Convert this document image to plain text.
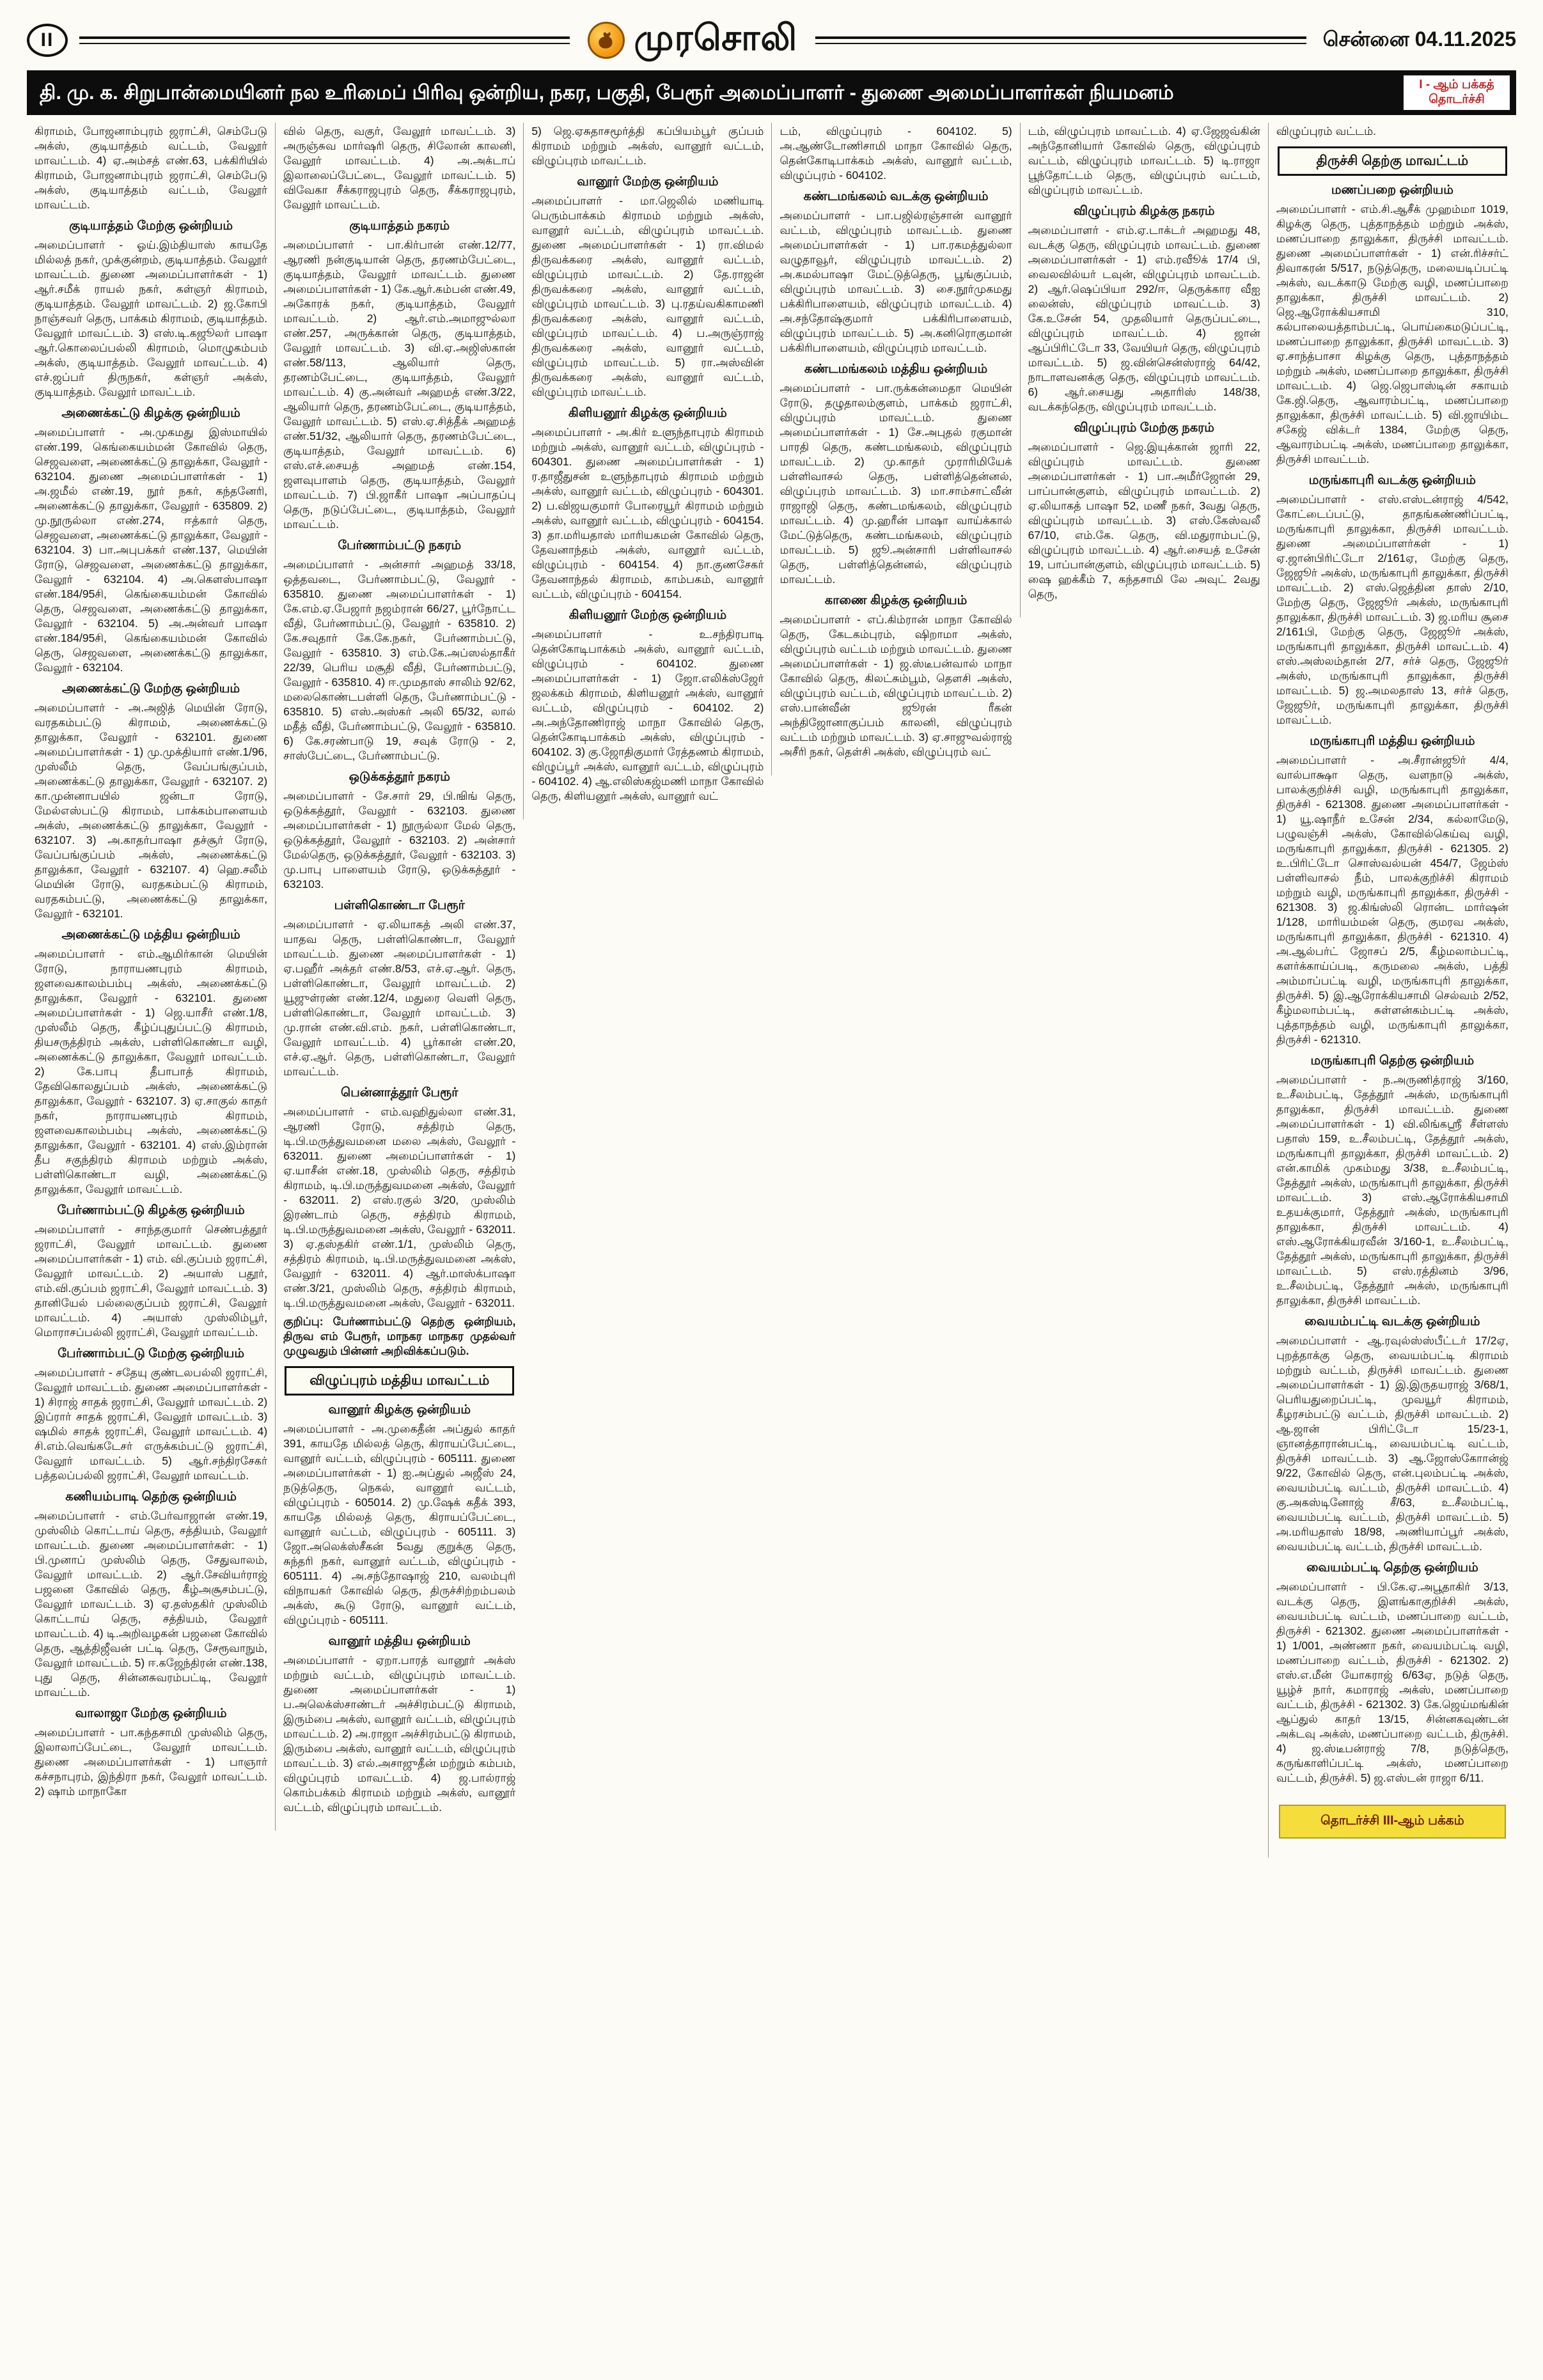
II	முரசொலி	சென்னை 04.11.2025
தி. மு. க. சிறுபான்மையினர் நல உரிமைப் பிரிவு ஒன்றிய, நகர, பகுதி, பேரூர் அமைப்பாளர் - துணை அமைப்பாளர்கள் நியமனம்	I - ஆம் பக்கத்
தொடர்ச்சி

கிராமம், போஜனாம்புரம் ஜராட்சி, செம்பேடு அக்ஸ், குடியாத்தம் வட்டம், வேலூர் மாவட்டம். 4) ஏ.அம்சத் எண்.63, பக்கிரியில் கிராமம், போஜனாம்புரம் ஜராட்சி, செம்பேடு அக்ஸ், குடியாத்தம் வட்டம், வேலூர் மாவட்டம்.

குடியாத்தம் மேற்கு ஒன்றியம்

அமைப்பாளர் - ஓய்.இம்தியாஸ் காயதே மில்லத் நகர், முக்குன்றம், குடியாத்தம். வேலூர் மாவட்டம். துணை அமைப்பாளர்கள் - 1) ஆர்.சமீக் ராயல் நகர், கள்ஞர் கிராமம், குடியாத்தம். வேலூர் மாவட்டம். 2) ஜ.கோபி நாஞ்சவர் தெரு, பாக்கம் கிராமம், குடியாத்தம். வேலூர் மாவட்டம். 3) எஸ்.டி.கஜூலர் பாஷா ஆர்.கொலைப்பல்லி கிராமம், மொழுகம்பம் அக்ஸ், குடியாத்தம். வேலூர் மாவட்டம். 4) எச்.ஜப்பர் திருநகர், கள்ஞர் அக்ஸ், குடியாத்தம். வேலூர் மாவட்டம்.

அணைக்கட்டு கிழக்கு ஒன்றியம்

அமைப்பாளர் - அ.முகமது இஸ்மாயில் எண்.199, கெங்கையம்மன் கோவில் தெரு, செஜவளை, அணைக்கட்டு தாலுக்கா, வேலூர் - 632104. துணை அமைப்பாளர்கள் - 1) அ.ஜமீல் எண்.19, நூர் நகர், கந்தனேரி, அணைக்கட்டு தாலுக்கா, வேலூர் - 635809. 2) மு.நூருல்லா எண்.274, ஈத்கார் தெரு, செஜவளை, அணைக்கட்டு தாலுக்கா, வேலூர் - 632104. 3) பா.அபுபக்கர் எண்.137, மெயின் ரோடு, செஜவளை, அணைக்கட்டு தாலுக்கா, வேலூர் - 632104. 4) அ.கௌஸ்பாஷா எண்.184/95சி, கெங்கையம்மன் கோவில் தெரு, செஜவளை, அணைக்கட்டு தாலுக்கா, வேலூர் - 632104. 5) அ.அன்வர் பாஷா எண்.184/95சி, கெங்கையம்மன் கோவில் தெரு, செஜவளை, அணைக்கட்டு தாலுக்கா, வேலூர் - 632104.

அணைக்கட்டு மேற்கு ஒன்றியம்

அமைப்பாளர் - அ.அஜித் மெயின் ரோடு, வரதகம்பட்டு கிராமம், அணைக்கட்டு தாலுக்கா, வேலூர் - 632101. துணை அமைப்பாளர்கள் - 1) மு.முக்தியார் எண்.1/96, முஸ்லீம் தெரு, வேப்பங்குப்பம், அணைக்கட்டு தாலுக்கா, வேலூர் - 632107. 2) கா.முன்னாபயில் ஜன்டா ரோடு, மேல்எஸ்பட்டு கிராமம், பாக்கம்பாளையம் அக்ஸ், அணைக்கட்டு தாலுக்கா, வேலூர் - 632107. 3) அ.காதர்பாஷா தச்சூர் ரோடு, வேப்பங்குப்பம் அக்ஸ், அணைக்கட்டு தாலுக்கா, வேலூர் - 632107. 4) ஹெ.சலீம் மெயின் ரோடு, வரதகம்பட்டு கிராமம், வரதகம்பட்டு, அணைக்கட்டு தாலுக்கா, வேலூர் - 632101.

அணைக்கட்டு மத்திய ஒன்றியம்

அமைப்பாளர் - எம்.ஆமிர்கான் மெயின் ரோடு, நாராயணபுரம் கிராமம், ஜளவைகாலம்பம்பு அக்ஸ், அணைக்கட்டு தாலுக்கா, வேலூர் - 632101. துணை அமைப்பாளர்கள் - 1) ஜெ.யாசீர் எண்.1/8, முஸ்லீம் தெரு, கீழ்ப்புதுப்பட்டு கிராமம், தியசருத்திரம் அக்ஸ், பள்ளிகொண்டா வழி, அணைக்கட்டு தாலுக்கா, வேலூர் மாவட்டம். 2) கே.பாபு தீபாபாத் கிராமம், தேவிகொலதுப்பம் அக்ஸ், அணைக்கட்டு தாலுக்கா, வேலூர் - 632107. 3) ஏ.சாகுல் காதர் நகர், நாராயணபுரம் கிராமம், ஜளவைகாலம்பம்பு அக்ஸ், அணைக்கட்டு தாலுக்கா, வேலூர் - 632101. 4) எஸ்.இம்ரான் தீப சகுந்திரம் கிராமம் மற்றும் அக்ஸ், பள்ளிகொண்டா வழி, அணைக்கட்டு தாலுக்கா, வேலூர் மாவட்டம்.

பேர்ணாம்பட்டு கிழக்கு ஒன்றியம்

அமைப்பாளர் - சாந்தகுமார் செண்பத்தூர் ஜராட்சி, வேலூர் மாவட்டம். துணை அமைப்பாளர்கள் - 1) எம். வி.குப்பம் ஜராட்சி, வேலூர் மாவட்டம். 2) அயாஸ் பதூர், எம்.வி.குப்பம் ஜராட்சி, வேலூர் மாவட்டம். 3) தானியேல் பல்லைகுப்பம் ஜராட்சி, வேலூர் மாவட்டம். 4) அயாஸ் முஸ்லிம்பூர், மொராசப்பல்லி ஜராட்சி, வேலூர் மாவட்டம்.

பேர்ணாம்பட்டு மேற்கு ஒன்றியம்

அமைப்பாளர் - சதேயு குண்டலபல்லி ஜராட்சி, வேலூர் மாவட்டம். துணை அமைப்பாளர்கள் - 1) சிராஜ் சாதக் ஜராட்சி, வேலூர் மாவட்டம். 2) இப்ரார் சாதக் ஜராட்சி, வேலூர் மாவட்டம். 3) ஷமில் சாதக் ஜராட்சி, வேலூர் மாவட்டம். 4) சி.எம்.வெங்கடேசர் எருக்கம்பட்டு ஜராட்சி, வேலூர் மாவட்டம். 5) ஆர்.சந்திரசேகர் பத்தலப்பல்லி ஜராட்சி, வேலூர் மாவட்டம்.

கணியம்பாடி தெற்கு ஒன்றியம்

அமைப்பாளர் - எம்.பேர்வாஜான் எண்.19, முஸ்லிம் கொட்டாய் தெரு, சத்தியம், வேலூர் மாவட்டம். துணை அமைப்பாளர்கள்: - 1) பி.முனாப் முஸ்லிம் தெரு, சேதுவாலம், வேலூர் மாவட்டம். 2) ஆர்.சேவியர்ராஜ் பஜனை கோவில் தெரு, கீழ்அசூசம்பட்டு, வேலூர் மாவட்டம். 3) ஏ.தஸ்தகிர் முஸ்லிம் கொட்டாய் தெரு, சத்தியம், வேலூர் மாவட்டம். 4) டி.அறிவழகன் பஜனை கோவில் தெரு, ஆத்திஜீவன் பட்டி தெரு, சேரூவாநும், வேலூர் மாவட்டம். 5) ஈ.கஜேந்திரன் எண்.138, புது தெரு, சின்னசுவரம்பட்டி, வேலூர் மாவட்டம்.

வாலாஜா மேற்கு ஒன்றியம்

அமைப்பாளர் - பா.கந்தசாமி முஸ்லிம் தெரு, இலாலாப்பேட்டை, வேலூர் மாவட்டம். துணை அமைப்பாளர்கள் - 1) பாஞார் கச்சநாபுரம், இந்திரா நகர், வேலூர் மாவட்டம். 2) ஷாம் மாநாகோ

வில் தெரு, வகுர், வேலூர் மாவட்டம். 3) அருஞ்சுவ மார்ஷரி தெரு, சிலோன் காலனி, வேலூர் மாவட்டம். 4) அ.அக்டாப் இலாலைப்பேட்டை, வேலூர் மாவட்டம். 5) விவேகா சீக்கராஜபுரம் தெரு, சீக்கராஜபுரம், வேலூர் மாவட்டம்.

குடியாத்தம் நகரம்

அமைப்பாளர் - பா.கிர்பான் எண்.12/77, ஆரணி நன்குடியான் தெரு, தரணம்பேட்டை, குடியாத்தம், வேலூர் மாவட்டம். துணை அமைப்பாளர்கள் - 1) கே.ஆர்.கம்பன் எண்.49, அகோரக் நகர், குடியாத்தம், வேலூர் மாவட்டம். 2) ஆர்.எம்.அமாஜுல்லா எண்.257, அருக்கான் தெரு, குடியாத்தம், வேலூர் மாவட்டம். 3) வி.ஏ.அஜிஸ்கான் எண்.58/113, ஆலியார் தெரு, தரணம்பேட்டை, குடியாத்தம், வேலூர் மாவட்டம். 4) கு.அன்வர் அஹமத் எண்.3/22, ஆலியார் தெரு, தரணம்பேட்டை, குடியாத்தம், வேலூர் மாவட்டம். 5) எஸ்.ஏ.சித்தீக் அஹமத் எண்.51/32, ஆலியார் தெரு, தரணம்பேட்டை, குடியாத்தம், வேலூர் மாவட்டம். 6) எஸ்.எச்.சையத் அஹமத் எண்.154, ஜளவுபாளம் தெரு, குடியாத்தம், வேலூர் மாவட்டம். 7) பி.ஜாகீர் பாஷா அப்பாதப்பு தெரு, நடுப்பேட்டை, குடியாத்தம், வேலூர் மாவட்டம்.

பேர்ணாம்பட்டு நகரம்

அமைப்பாளர் - அன்சார் அஹமத் 33/18, ஒத்தவடை, பேர்ணாம்பட்டு, வேலூர் - 635810. துணை அமைப்பாளர்கள் - 1) கே.எம்.ஏ.பேஜார் நஜம்ரான் 66/27, பூர்நோட்ட வீதி, பேர்ணாம்பட்டு, வேலூர் - 635810. 2) கே.சவுதார் கே.கே.நகர், பேர்ணாம்பட்டு, வேலூர் - 635810. 3) எம்.கே.அப்ஸல்தாகீர் 22/39, பெரிய மசூதி வீதி, பேர்ணாம்பட்டு, வேலூர் - 635810. 4) ஈ.முமதாஸ் சாலிம் 92/62, மலைகொண்டபள்ளி தெரு, பேர்ணாம்பட்டு - 635810. 5) எஸ்.அஸ்கர் அலி 65/32, லால் மதீத் வீதி, பேர்ணாம்பட்டு, வேலூர் - 635810. 6) கே.சரண்பாடு 19, சவுக் ரோடு - 2, சாஸ்பேட்டை, பேர்ணாம்பட்டு.

ஒடுக்கத்தூர் நகரம்

அமைப்பாளர் - சே.சார் 29, பி.ஙிங் தெரு, ஒடுக்கத்தூர், வேலூர் - 632103. துணை அமைப்பாளர்கள் - 1) நூருல்லா மேல் தெரு, ஒடுக்கத்தூர், வேலூர் - 632103. 2) அன்சார் மேல்தெரு, ஒடுக்கத்தூர், வேலூர் - 632103. 3) மு.பாபு பாளையம் ரோடு, ஒடுக்கத்தூர் - 632103.

பள்ளிகொண்டா பேரூர்

அமைப்பாளர் - ஏ.லியாகத் அலி எண்.37, யாதவ தெரு, பள்ளிகொண்டா, வேலூர் மாவட்டம். துணை அமைப்பாளர்கள் - 1) ஏ.பஹீர் அக்தர் எண்.8/53, எச்.ஏ.ஆர். தெரு, பள்ளிகொண்டா, வேலூர் மாவட்டம். 2) யூஜுள்ரண் எண்.12/4, மதுரை வெளி தெரு, பள்ளிகொண்டா, வேலூர் மாவட்டம். 3) மு.ரான் எண்.வி.எம். நகர், பள்ளிகொண்டா, வேலூர் மாவட்டம். 4) பூர்கான் எண்.20, எச்.ஏ.ஆர். தெரு, பள்ளிகொண்டா, வேலூர் மாவட்டம்.

பென்னாத்தூர் பேரூர்

அமைப்பாளர் - எம்.வஹிதுல்லா எண்.31, ஆரணி ரோடு, சத்திரம் தெரு, டி.பி.மருத்துவமனை மலை அக்ஸ், வேலூர் - 632011. துணை அமைப்பாளர்கள் - 1) ஏ.யாசீன் எண்.18, முஸ்லிம் தெரு, சத்திரம் கிராமம், டி.பி.மருத்துவமனை அக்ஸ், வேலூர் - 632011. 2) எஸ்.ரகுல் 3/20, முஸ்லிம் இரண்டாம் தெரு, சத்திரம் கிராமம், டி.பி.மருத்துவமனை அக்ஸ், வேலூர் - 632011. 3) ஏ.தஸ்தகிர் எண்.1/1, முஸ்லிம் தெரு, சத்திரம் கிராமம், டி.பி.மருத்துவமனை அக்ஸ், வேலூர் - 632011. 4) ஆர்.மாஸ்க்பாஷா எண்.3/21, முஸ்லிம் தெரு, சத்திரம் கிராமம், டி.பி.மருத்துவமனை அக்ஸ், வேலூர் - 632011.

குறிப்பு: பேர்ணாம்பட்டு தெற்கு ஒன்றியம், திருவ எம் பேரூர், மாநகர மாநகர முதல்வர் முழுவதும் பின்னர் அறிவிக்கப்படும்.

விழுப்புரம் மத்திய மாவட்டம்
வானூர் கிழக்கு ஒன்றியம்

அமைப்பாளர் - அ.முகைதீன் அப்துல் காதர் 391, காயதே மில்லத் தெரு, கிராயப்பேட்டை, வானூர் வட்டம், விழுப்புரம் - 605111. துணை அமைப்பாளர்கள் - 1) ஐ.அப்துல் அஜீஸ் 24, நடுத்தெரு, நெகல், வானூர் வட்டம், விழுப்புரம் - 605014. 2) மு.ஷேக் கதீக் 393, காயதே மில்லத் தெரு, கிராயப்பேட்டை, வானூர் வட்டம், விழுப்புரம் - 605111. 3) ஜோ.அலெக்ஸ்சீகன் 5வது குறுக்கு தெரு, சுந்தரி நகர், வானூர் வட்டம், விழுப்புரம் - 605111. 4) அ.சந்தோஷாஜ் 210, வலம்புரி விநாயகர் கோவில் தெரு, திருச்சிற்றம்பலம் அக்ஸ், கூடு ரோடு, வானூர் வட்டம், விழுப்புரம் - 605111.

வானூர் மத்திய ஒன்றியம்

அமைப்பாளர் - ஏறா.பாரத் வானூர் அக்ஸ் மற்றும் வட்டம், விழுப்புரம் மாவட்டம். துணை அமைப்பாளர்கள் - 1) ப.அலெக்ஸ்சாண்டர் அச்சிரம்பட்டு கிராமம், இரும்பை அக்ஸ், வானூர் வட்டம், விழுப்புரம் மாவட்டம். 2) அ.ராஜா அச்சிரம்பட்டு கிராமம், இரும்பை அக்ஸ், வானூர் வட்டம், விழுப்புரம் மாவட்டம். 3) எல்.அசாஜுதீன் மற்றும் கம்பம், விழுப்புரம் மாவட்டம். 4) ஜ.பால்ராஜ் கொம்பக்கம் கிராமம் மற்றும் அக்ஸ், வானூர் வட்டம், விழுப்புரம் மாவட்டம்.

5) ஜெ.ஏசுதாசமூர்த்தி கப்பியம்பூர் குப்பம் கிராமம் மற்றும் அக்ஸ், வானூர் வட்டம், விழுப்புரம் மாவட்டம்.

வானூர் மேற்கு ஒன்றியம்

அமைப்பாளர் - மா.ஜெலில் மணியாடி பெரும்பாக்கம் கிராமம் மற்றும் அக்ஸ், வானூர் வட்டம், விழுப்புரம் மாவட்டம். துணை அமைப்பாளர்கள் - 1) ரா.விமல் திருவக்கரை அக்ஸ், வானூர் வட்டம், விழுப்புரம் மாவட்டம். 2) தே.ராஜன் திருவக்கரை அக்ஸ், வானூர் வட்டம், விழுப்புரம் மாவட்டம். 3) பு.ரதய்வகிகாமணி திருவக்கரை அக்ஸ், வானூர் வட்டம், விழுப்புரம் மாவட்டம். 4) ப.அருஞ்ராஜ் திருவக்கரை அக்ஸ், வானூர் வட்டம், விழுப்புரம் மாவட்டம். 5) ரா.அஸ்வின் திருவக்கரை அக்ஸ், வானூர் வட்டம், விழுப்புரம் மாவட்டம்.

கிளியனூர் கிழக்கு ஒன்றியம்

அமைப்பாளர் - அ.கிர் உளுந்தாபுரம் கிராமம் மற்றும் அக்ஸ், வானூர் வட்டம், விழுப்புரம் - 604301. துணை அமைப்பாளர்கள் - 1) ர.தாஜீதுசன் உளுந்தாபுரம் கிராமம் மற்றும் அக்ஸ், வானூர் வட்டம், விழுப்புரம் - 604301. 2) ப.விஜயகுமார் போரையூர் கிராமம் மற்றும் அக்ஸ், வானூர் வட்டம், விழுப்புரம் - 604154. 3) தா.மரியதாஸ் மாரியகமன் கோவில் தெரு, தேவனாந்தம் அக்ஸ், வானூர் வட்டம், விழுப்புரம் - 604154. 4) நா.குணசேகர் தேவனாந்தல் கிராமம், காம்பகம், வானூர் வட்டம், விழுப்புரம் - 604154.

கிளியனூர் மேற்கு ஒன்றியம்

அமைப்பாளர் - உ.சந்திரபாடி தென்கோடிபாக்கம் அக்ஸ், வானூர் வட்டம், விழுப்புரம் - 604102. துணை அமைப்பாளர்கள் - 1) ஜோ.எலிக்ஸ்ஜேர் ஜலக்கம் கிராமம், கிளியனூர் அக்ஸ், வானூர் வட்டம், விழுப்புரம் - 604102. 2) அ.அந்தோணிராஜ் மாநா கோவில் தெரு, தென்கோடிபாக்கம் அக்ஸ், விழுப்புரம் - 604102. 3) கு.ஜோதிகுமார் ரேத்தணம் கிராமம், விழுப்பூர் அக்ஸ், வானூர் வட்டம், விழுப்புரம் - 604102. 4) ஆ.எலிஸ்கஜ்மணி மாநா கோவில் தெரு, கிளியனூர் அக்ஸ், வானூர் வட்

டம், விழுப்புரம் - 604102. 5) அ.ஆண்டோணிசாமி மாநா கோவில் தெரு, தென்கோடிபாக்கம் அக்ஸ், வானூர் வட்டம், விழுப்புரம் - 604102.

கண்டமங்கலம் வடக்கு ஒன்றியம்

அமைப்பாளர் - பா.பஜில்ரஞ்சான் வானூர் வட்டம், விழுப்புரம் மாவட்டம். துணை அமைப்பாளர்கள் - 1) பா.ரகமத்துல்லா வழுதாவூர், விழுப்புரம் மாவட்டம். 2) அ.கமல்பாஷா மேட்டுத்தெரு, பூங்குப்பம், விழுப்புரம் மாவட்டம். 3) சை.நூர்முகமது பக்கிரிபாளையம், விழுப்புரம் மாவட்டம். 4) அ.சந்தோஷ்குமார் பக்கிரிபாளையம், விழுப்புரம் மாவட்டம். 5) அ.கனிரொகுமான் பக்கிரிபாளையம், விழுப்புரம் மாவட்டம்.

கண்டமங்கலம் மத்திய ஒன்றியம்

அமைப்பாளர் - பா.ருக்கன்மைதா மெயின் ரோடு, தழுதாலம்குளம், பாக்கம் ஜராட்சி, விழுப்புரம் மாவட்டம். துணை அமைப்பாளர்கள் - 1) சே.அபுதல் ரகுமான் பாரதி தெரு, கண்டமங்கலம், விழுப்புரம் மாவட்டம். 2) மு.காதர் முராரிமியேக் பள்ளிவாசல் தெரு, பள்ளித்தென்னல், விழுப்புரம் மாவட்டம். 3) மா.சாம்சாட்வீன் ராஜாஜி தெரு, கண்டமங்கலம், விழுப்புரம் மாவட்டம். 4) மு.ஹரீன் பாஷா வாய்க்கால் மேட்டுத்தெரு, கண்டமங்கலம், விழுப்புரம் மாவட்டம். 5) ஜூ.அன்சாரி பள்ளிவாசல் தெரு, பள்ளித்தென்னல், விழுப்புரம் மாவட்டம்.

காணை கிழக்கு ஒன்றியம்

அமைப்பாளர் - எப்.கிம்ரான் மாநா கோவில் தெரு, கேடகம்புரம், ஷிறாமா அக்ஸ், விழுப்புரம் வட்டம் மற்றும் மாவட்டம். துணை அமைப்பாளர்கள் - 1) ஜ.ஸ்டீபன்வால் மாநா கோவில் தெரு, கிலட்சும்பூம், தெளசி அக்ஸ், விழுப்புரம் வட்டம், விழுப்புரம் மாவட்டம். 2) எஸ்.பான்வீன் ஜூரன் ரீகன் அந்திஜோனாகுப்பம் காலனி, விழுப்புரம் வட்டம் மற்றும் மாவட்டம். 3) ஏ.சாஜுவல்ராஜ் அசீரி நகர், தெள்சி அக்ஸ், விழுப்புரம் வட்

டம், விழுப்புரம் மாவட்டம். 4) ஏ.ஜேஜவ்கின் அந்தோனியார் கோவில் தெரு, விழுப்புரம் வட்டம், விழுப்புரம் மாவட்டம். 5) டி.ராஜா பூந்தோட்டம் தெரு, விழுப்புரம் வட்டம், விழுப்புரம் மாவட்டம்.

விழுப்புரம் கிழக்கு நகரம்

அமைப்பாளர் - எம்.ஏ.டாக்டர் அஹமது 48, வடக்கு தெரு, விழுப்புரம் மாவட்டம். துணை அமைப்பாளர்கள் - 1) எம்.ரவூீக் 17/4 பி, வைலவில்யர் டவுன், விழுப்புரம் மாவட்டம். 2) ஆர்.ஷெப்பியா 292/ஈ, தெருக்கார வீஐ லைன்ஸ், விழுப்புரம் மாவட்டம். 3) கே.உசேன் 54, முதலியார் தெருப்பட்டை, விழுப்புரம் மாவட்டம். 4) ஜான் ஆப்பிரிட்டோ 33, வேயியர் தெரு, விழுப்புரம் மாவட்டம். 5) ஜ.வின்சென்ஸ்ராஜ் 64/42, நாடாளவனக்கு தெரு, விழுப்புரம் மாவட்டம். 6) ஆர்.சையது அதாரிஸ் 148/38, வடக்கந்தெரு, விழுப்புரம் மாவட்டம்.

விழுப்புரம் மேற்கு நகரம்

அமைப்பாளர் - ஜெ.இயுக்கான் ஜாரி 22, விழுப்புரம் மாவட்டம். துணை அமைப்பாளர்கள் - 1) பா.அமீர்ஜோன் 29, பாப்பான்குளம், விழுப்புரம் மாவட்டம். 2) ஏ.லியாகத் பாஷா 52, மணீ நகர், 3வது தெரு, விழுப்புரம் மாவட்டம். 3) எஸ்.கேஸ்வலீ 67/10, எம்.கே. தெரு, வி.மதுராம்பட்டு, விழுப்புரம் மாவட்டம். 4) ஆர்.சையத் உசேன் 19, பாப்பான்குளம், விழுப்புரம் மாவட்டம். 5) ஷை ஹக்கீம் 7, கந்தசாமி லே அவுட் 2வது தெரு,

விழுப்புரம் வட்டம்.

திருச்சி தெற்கு மாவட்டம்
மணப்பறை ஒன்றியம்

அமைப்பாளர் - எம்.சி.ஆசீக் முஹம்மா 1019, கிழக்கு தெரு, புத்தாநத்தம் மற்றும் அக்ஸ், மணப்பாறை தாலுக்கா, திருச்சி மாவட்டம். துணை அமைப்பாளர்கள் - 1) என்.ரிச்சர்ட் திவாகரன் 5/517, நடுத்தெரு, மலையடிப்பட்டி அக்ஸ், வடக்காடு மேற்கு வழி, மணப்பாறை தாலுக்கா, திருச்சி மாவட்டம். 2) ஜெ.ஆரோக்கியசாமி 310, கல்பாலையத்தாம்பட்டி, பொய்கைமடுப்பட்டி, மணப்பாறை தாலுக்கா, திருச்சி மாவட்டம். 3) ஏ.சாந்த்பாசா கிழக்கு தெரு, புத்தாநத்தம் மற்றும் அக்ஸ், மணப்பாறை தாலுக்கா, திருச்சி மாவட்டம். 4) ஜெ.ஜெபாஸ்டின் சகாயம் கே.ஜி.தெரு, ஆவாரம்பட்டி, மணப்பாறை தாலுக்கா, திருச்சி மாவட்டம். 5) வி.ஜாயிம்ட சகேஜ் விக்டர் 1384, மேற்கு தெரு, ஆவாரம்பட்டி அக்ஸ், மணப்பாறை தாலுக்கா, திருச்சி மாவட்டம்.

மருங்காபுரி வடக்கு ஒன்றியம்

அமைப்பாளர் - எஸ்.எஸ்டன்ராஜ் 4/542, கோட்டைப்பட்டு, தாதங்கண்ணிப்பட்டி, மருங்காபுரி தாலுக்கா, திருச்சி மாவட்டம். துணை அமைப்பாளர்கள் - 1) ஏ.ஜான்பிரிட்டோ 2/161ஏ, மேற்கு தெரு, ஜேஜூர் அக்ஸ், மருங்காபுரி தாலுக்கா, திருச்சி மாவட்டம். 2) எஸ்.ஜெத்தின தாஸ் 2/10, மேற்கு தெரு, ஜேஜூர் அக்ஸ், மருங்காபுரி தாலுக்கா, திருச்சி மாவட்டம். 3) ஜ.மரிய சூசை 2/161பி, மேற்கு தெரு, ஜேஜூர் அக்ஸ், மருங்காபுரி தாலுக்கா, திருச்சி மாவட்டம். 4) எஸ்.அஸ்லம்தான் 2/7, சர்ச் தெரு, ஜேஜூர் அக்ஸ், மருங்காபுரி தாலுக்கா, திருச்சி மாவட்டம். 5) ஜ.அமலதாஸ் 13, சர்ச் தெரு, ஜேஜூர், மருங்காபுரி தாலுக்கா, திருச்சி மாவட்டம்.

மருங்காபுரி மத்திய ஒன்றியம்

அமைப்பாளர் - அ.சீரான்ஜூர் 4/4, வால்பாக்ஷா தெரு, வளநாடு அக்ஸ், பாலக்குறிச்சி வழி, மருங்காபுரி தாலுக்கா, திருச்சி - 621308. துணை அமைப்பாளர்கள் - 1) யூ.ஷாநீர் உசேன் 2/34, கல்லாமேடு, பழுவஞ்சி அக்ஸ், கோவில்கெய்வு வழி, மருங்காபுரி தாலுக்கா, திருச்சி - 621305. 2) உ.பிரிட்டோ சொஸ்வல்யன் 454/7, ஜேம்ஸ் பள்ளிவாசல் நீம், பாலக்குறிச்சி கிராமம் மற்றும் வழி, மருங்காபுரி தாலுக்கா, திருச்சி - 621308. 3) ஜ.கிங்ஸ்லி ரொன்ட மார்ஷன் 1/128, மாரியம்மன் தெரு, குமரவ அக்ஸ், மருங்காபுரி தாலுக்கா, திருச்சி - 621310. 4) அ.ஆல்பர்ட் ஜோசப் 2/5, கீழ்மலாம்பட்டி, களர்க்காய்ப்படி, கருமலை அக்ஸ், பத்தி அம்மாப்பட்டி வழி, மருங்காபுரி தாலுக்கா, திருச்சி. 5) இ.ஆரோக்கியசாமி செல்வம் 2/52, கீழ்மலாம்பட்டி, சுள்ளன்கம்பட்டி அக்ஸ், புத்தாநத்தம் வழி, மருங்காபுரி தாலுக்கா, திருச்சி - 621310.

மருங்காபுரி தெற்கு ஒன்றியம்

அமைப்பாளர் - ந.அருணித்ராஜ் 3/160, உ.சீலம்பட்டி, தேத்தூர் அக்ஸ், மருங்காபுரி தாலுக்கா, திருச்சி மாவட்டம். துணை அமைப்பாளர்கள் - 1) வி.லிங்கஸ்ரீ சீள்ளஸ் பதாஸ் 159, உ.சீலம்பட்டி, தேத்தூர் அக்ஸ், மருங்காபுரி தாலுக்கா, திருச்சி மாவட்டம். 2) என்.காமிக் முகம்மது 3/38, உ.சீலம்பட்டி, தேத்தூர் அக்ஸ், மருங்காபுரி தாலுக்கா, திருச்சி மாவட்டம். 3) எஸ்.ஆரோக்கியசாமி உதயக்குமார், தேத்தூர் அக்ஸ், மருங்காபுரி தாலுக்கா, திருச்சி மாவட்டம். 4) எஸ்.ஆரோக்கியரவீன் 3/160-1, உ.சீலம்பட்டி, தேத்தூர் அக்ஸ், மருங்காபுரி தாலுக்கா, திருச்சி மாவட்டம். 5) எஸ்.ரத்தினம் 3/96, உ.சீலம்பட்டி, தேத்தூர் அக்ஸ், மருங்காபுரி தாலுக்கா, திருச்சி மாவட்டம்.

வையம்பட்டி வடக்கு ஒன்றியம்

அமைப்பாளர் - ஆ.ரவுல்ஸ்ஸ்பீட்டர் 17/2ஏ, புறத்தாக்கு தெரு, வையம்பட்டி கிராமம் மற்றும் வட்டம், திருச்சி மாவட்டம். துணை அமைப்பாளர்கள் - 1) இ.இருதயராஜ் 3/68/1, பெரியதுறைப்பட்டி, முவயூர் கிராமம், கீழரசம்பட்டு வட்டம், திருச்சி மாவட்டம். 2) ஆ.ஜான் பிரிட்டோ 15/23-1, ஞானத்தாரான்பட்டி, வையம்பட்டி வட்டம், திருச்சி மாவட்டம். 3) ஆ.ஜோஸ்கோான்ஜ் 9/22, கோவில் தெரு, என்.புலம்பட்டி அக்ஸ், வையம்பட்டி வட்டம், திருச்சி மாவட்டம். 4) கு.அகஸ்டினோஜ் சீ/63, உ.சீலம்பட்டி, வையம்பட்டி வட்டம், திருச்சி மாவட்டம். 5) அ.மரியதாஸ் 18/98, அணியாப்பூர் அக்ஸ், வையம்பட்டி வட்டம், திருச்சி மாவட்டம்.

வையம்பட்டி தெற்கு ஒன்றியம்

அமைப்பாளர் - பி.கே.ஏ.அபூதாகிர் 3/13, வடக்கு தெரு, இளங்காகுறிச்சி அக்ஸ், வையம்பட்டி வட்டம், மணப்பாறை வட்டம், திருச்சி - 621302. துணை அமைப்பாளர்கள் - 1) 1/001, அண்ணா நகர், வையம்பட்டி வழி, மணப்பாறை வட்டம், திருச்சி - 621302. 2) எஸ்.எ.மீன் யோகராஜ் 6/63ஏ, நடுத் தெரு, யூழ்ச் நார், கமாராஜ் அக்ஸ், மணப்பாறை வட்டம், திருச்சி - 621302. 3) கே.ஜெய்மங்கின் ஆப்துல் காதர் 13/15, சின்னகவுண்டன் அக்டவு அக்ஸ், மணப்பாறை வட்டம், திருச்சி. 4) ஜ.ஸ்டீபன்ராஜ் 7/8, நடுத்தெரு, கருங்காளிப்பட்டி அக்ஸ், மணப்பாறை வட்டம், திருச்சி. 5) ஜ.எஸ்டன் ராஜா 6/11.

தொடர்ச்சி III-ஆம் பக்கம்
